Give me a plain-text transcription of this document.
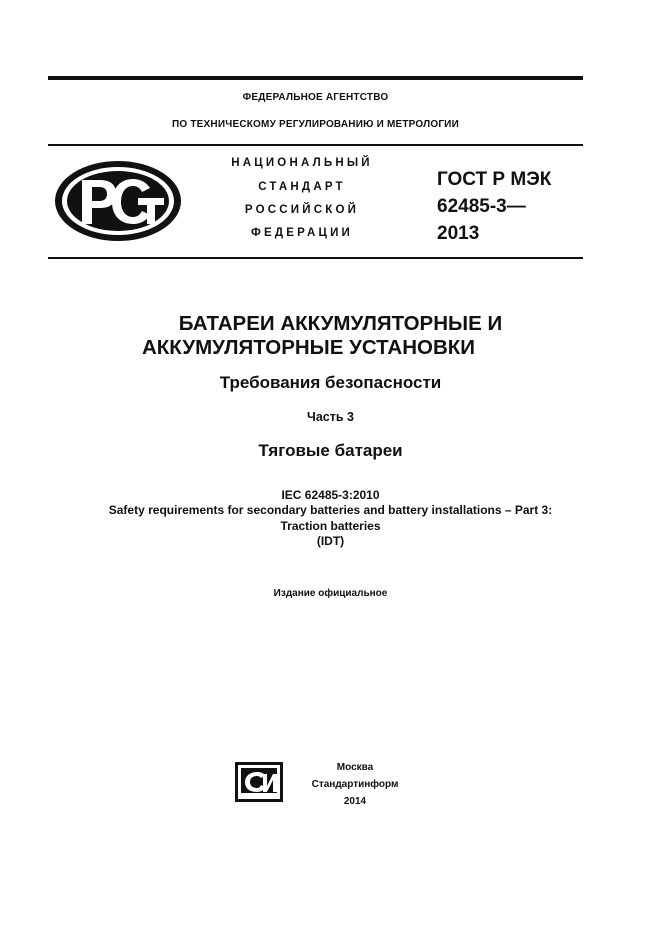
ФЕДЕРАЛЬНОЕ АГЕНТСТВО
ПО ТЕХНИЧЕСКОМУ РЕГУЛИРОВАНИЮ И МЕТРОЛОГИИ
НАЦИОНАЛЬНЫЙ
СТАНДАРТ
РОССИЙСКОЙ
ФЕДЕРАЦИИ
ГОСТ Р МЭК
62485-3—
2013
БАТАРЕИ АККУМУЛЯТОРНЫЕ И
АККУМУЛЯТОРНЫЕ УСТАНОВКИ
Требования безопасности
Часть 3
Тяговые батареи
IEC 62485-3:2010
Safety requirements for secondary batteries and battery installations – Part 3:
Traction batteries
(IDT)
Издание официальное
Москва
Стандартинформ
2014
